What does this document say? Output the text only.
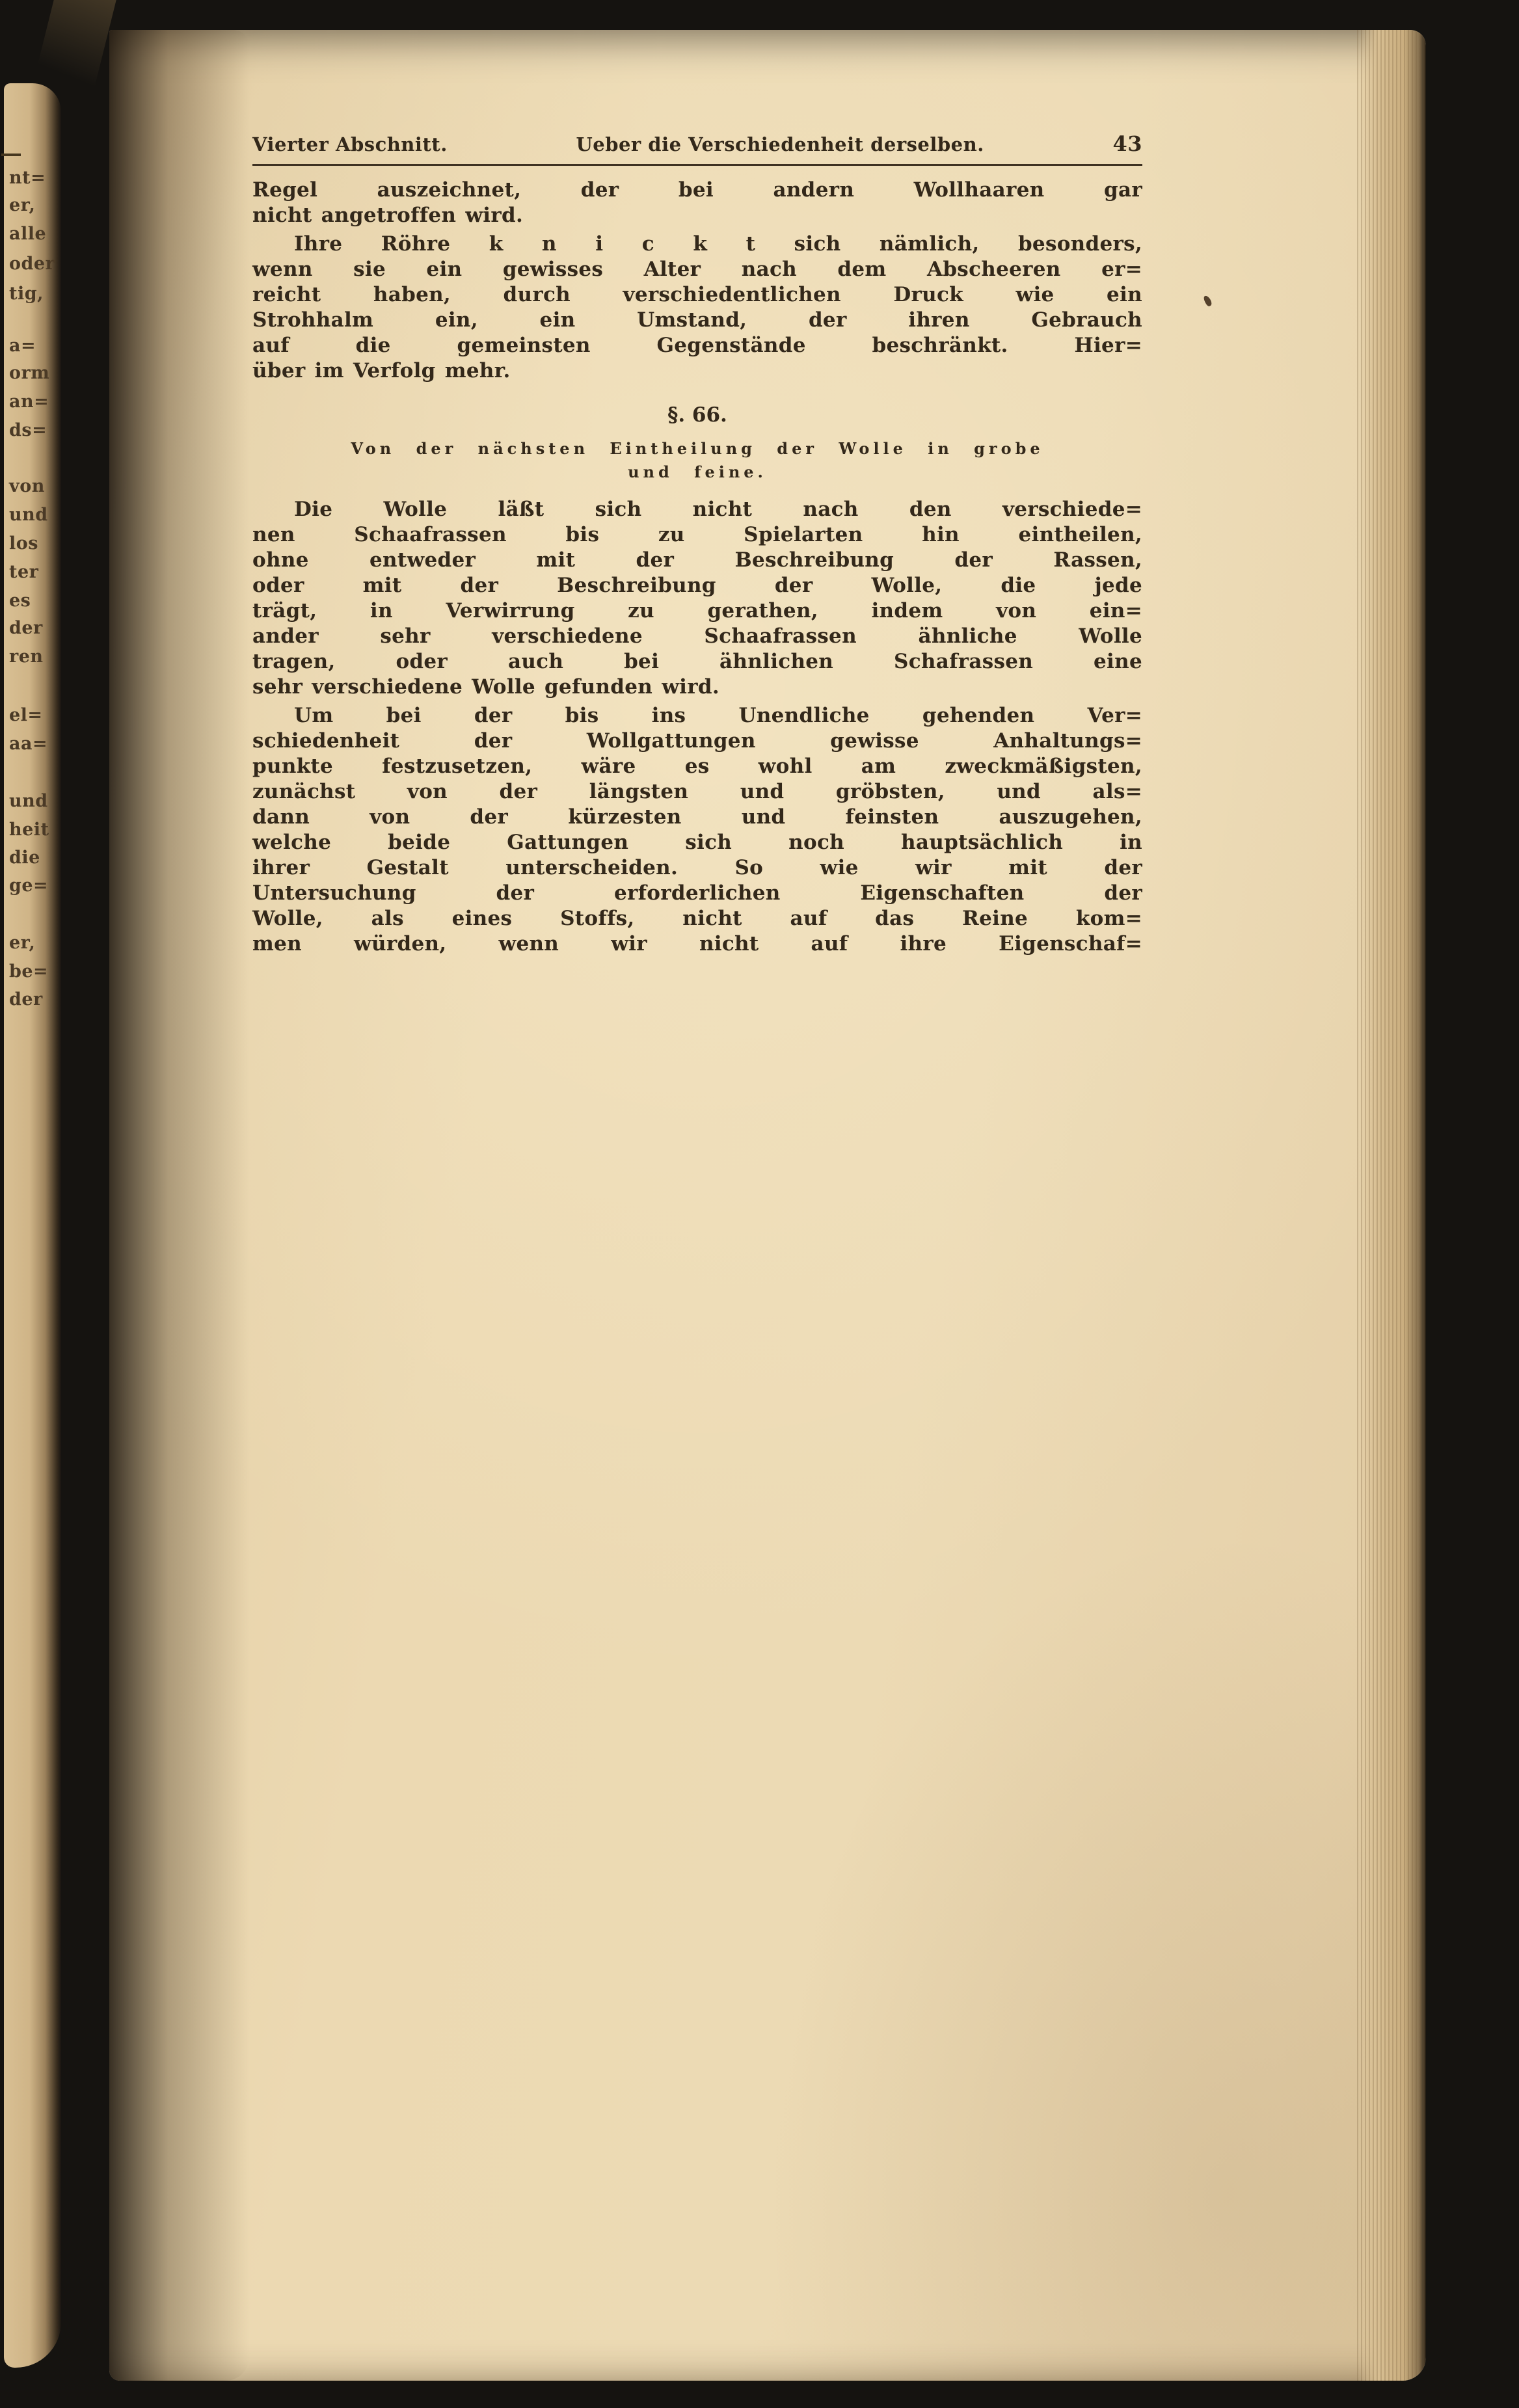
nt=
er,
alle
oder
tig,
a=
orm
an=
ds=
von
und
los
ter
es
der
ren
el=
aa=
und
heit
die
ge=
er,
be=
der
Vierter Abschnitt.	Ueber die Verschiedenheit derselben.	43
Regel auszeichnet, der bei andern Wollhaaren gar
nicht angetroffen wird.
Ihre Röhre k n i c k t sich nämlich, besonders,
wenn sie ein gewisses Alter nach dem Abscheeren er=
reicht haben, durch verschiedentlichen Druck wie ein
Strohhalm ein, ein Umstand, der ihren Gebrauch
auf die gemeinsten Gegenstände beschränkt. Hier=
über im Verfolg mehr.
§. 66.
Von der nächsten Eintheilung der Wolle in grobe
und feine.
Die Wolle läßt sich nicht nach den verschiede=
nen Schaafrassen bis zu Spielarten hin eintheilen,
ohne entweder mit der Beschreibung der Rassen,
oder mit der Beschreibung der Wolle, die jede
trägt, in Verwirrung zu gerathen, indem von ein=
ander sehr verschiedene Schaafrassen ähnliche Wolle
tragen, oder auch bei ähnlichen Schafrassen eine
sehr verschiedene Wolle gefunden wird.
Um bei der bis ins Unendliche gehenden Ver=
schiedenheit der Wollgattungen gewisse Anhaltungs=
punkte festzusetzen, wäre es wohl am zweckmäßigsten,
zunächst von der längsten und gröbsten, und als=
dann von der kürzesten und feinsten auszugehen,
welche beide Gattungen sich noch hauptsächlich in
ihrer Gestalt unterscheiden. So wie wir mit der
Untersuchung der erforderlichen Eigenschaften der
Wolle, als eines Stoffs, nicht auf das Reine kom=
men würden, wenn wir nicht auf ihre Eigenschaf=
